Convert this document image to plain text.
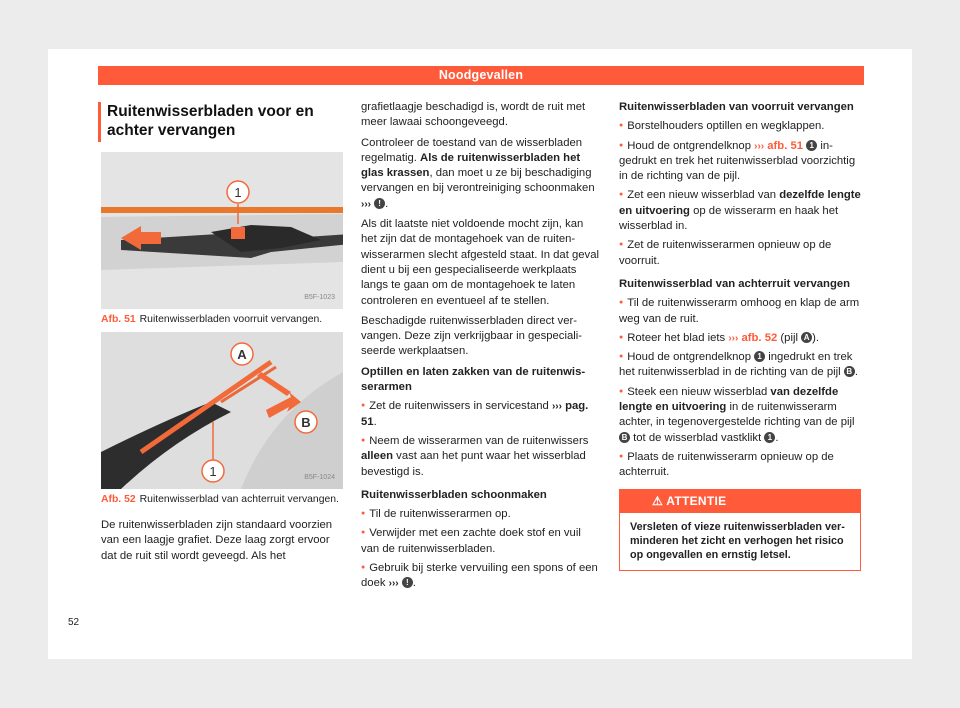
Noodgevallen
Ruitenwisserbladen voor en achter vervangen
1
B5F-1023
Afb. 51 Ruitenwisserbladen voorruit vervangen.
1
A
B
B5F-1024
Afb. 52 Ruitenwisserblad van achterruit vervangen.

De ruitenwisserbladen zijn standaard voorzien van een laagje grafiet. Deze laag zorgt ervoor dat de ruit stil wordt geveegd. Als het

grafietlaagje beschadigd is, wordt de ruit met meer lawaai schoongeveegd.

Controleer de toestand van de wisserbladen regelmatig. Als de ruitenwisserbladen het glas krassen, dan moet u ze bij beschadiging vervangen en bij verontreiniging schoonmaken ››› ! .

Als dit laatste niet voldoende mocht zijn, kan het zijn dat de montagehoek van de ruitenwisserarmen slecht afgesteld staat. In dat geval dient u bij een gespecialiseerde werkplaats langs te gaan om de montagehoek te laten controleren en eventueel af te stellen.

Beschadigde ruitenwisserbladen direct vervangen. Deze zijn verkrijgbaar in gespecialiseerde werkplaatsen.

Optillen en laten zakken van de ruitenwisserarmen
● Zet de ruitenwissers in servicestand ››› pag. 51.
● Neem de wisserarmen van de ruitenwissers alleen vast aan het punt waar het wisserblad bevestigd is.
Ruitenwisserbladen schoonmaken
● Til de ruitenwisserarmen op.
● Verwijder met een zachte doek stof en vuil van de ruitenwisserbladen.
● Gebruik bij sterke vervuiling een spons of een doek ››› ! .
Ruitenwisserbladen van voorruit vervangen
● Borstelhouders optillen en wegklappen.
● Houd de ontgrendelknop ››› afb. 51 1 ingedrukt en trek het ruitenwisserblad voorzichtig in de richting van de pijl.
● Zet een nieuw wisserblad van dezelfde lengte en uitvoering op de wisserarm en haak het wisserblad in.
● Zet de ruitenwisserarmen opnieuw op de voorruit.
Ruitenwisserblad van achterruit vervangen
● Til de ruitenwisserarm omhoog en klap de arm weg van de ruit.
● Roteer het blad iets ››› afb. 52 (pijl A ).
● Houd de ontgrendelknop 1 ingedrukt en trek het ruitenwisserblad in de richting van de pijl B .
● Steek een nieuw wisserblad van dezelfde lengte en uitvoering in de ruitenwisserarm achter, in tegenovergestelde richting van de pijl B tot de wisserblad vastklikt 1 .
● Plaats de ruitenwisserarm opnieuw op de achterruit.
⚠ ATTENTIE
Versleten of vieze ruitenwisserbladen verminderen het zicht en verhogen het risico op ongevallen en ernstig letsel.
52
